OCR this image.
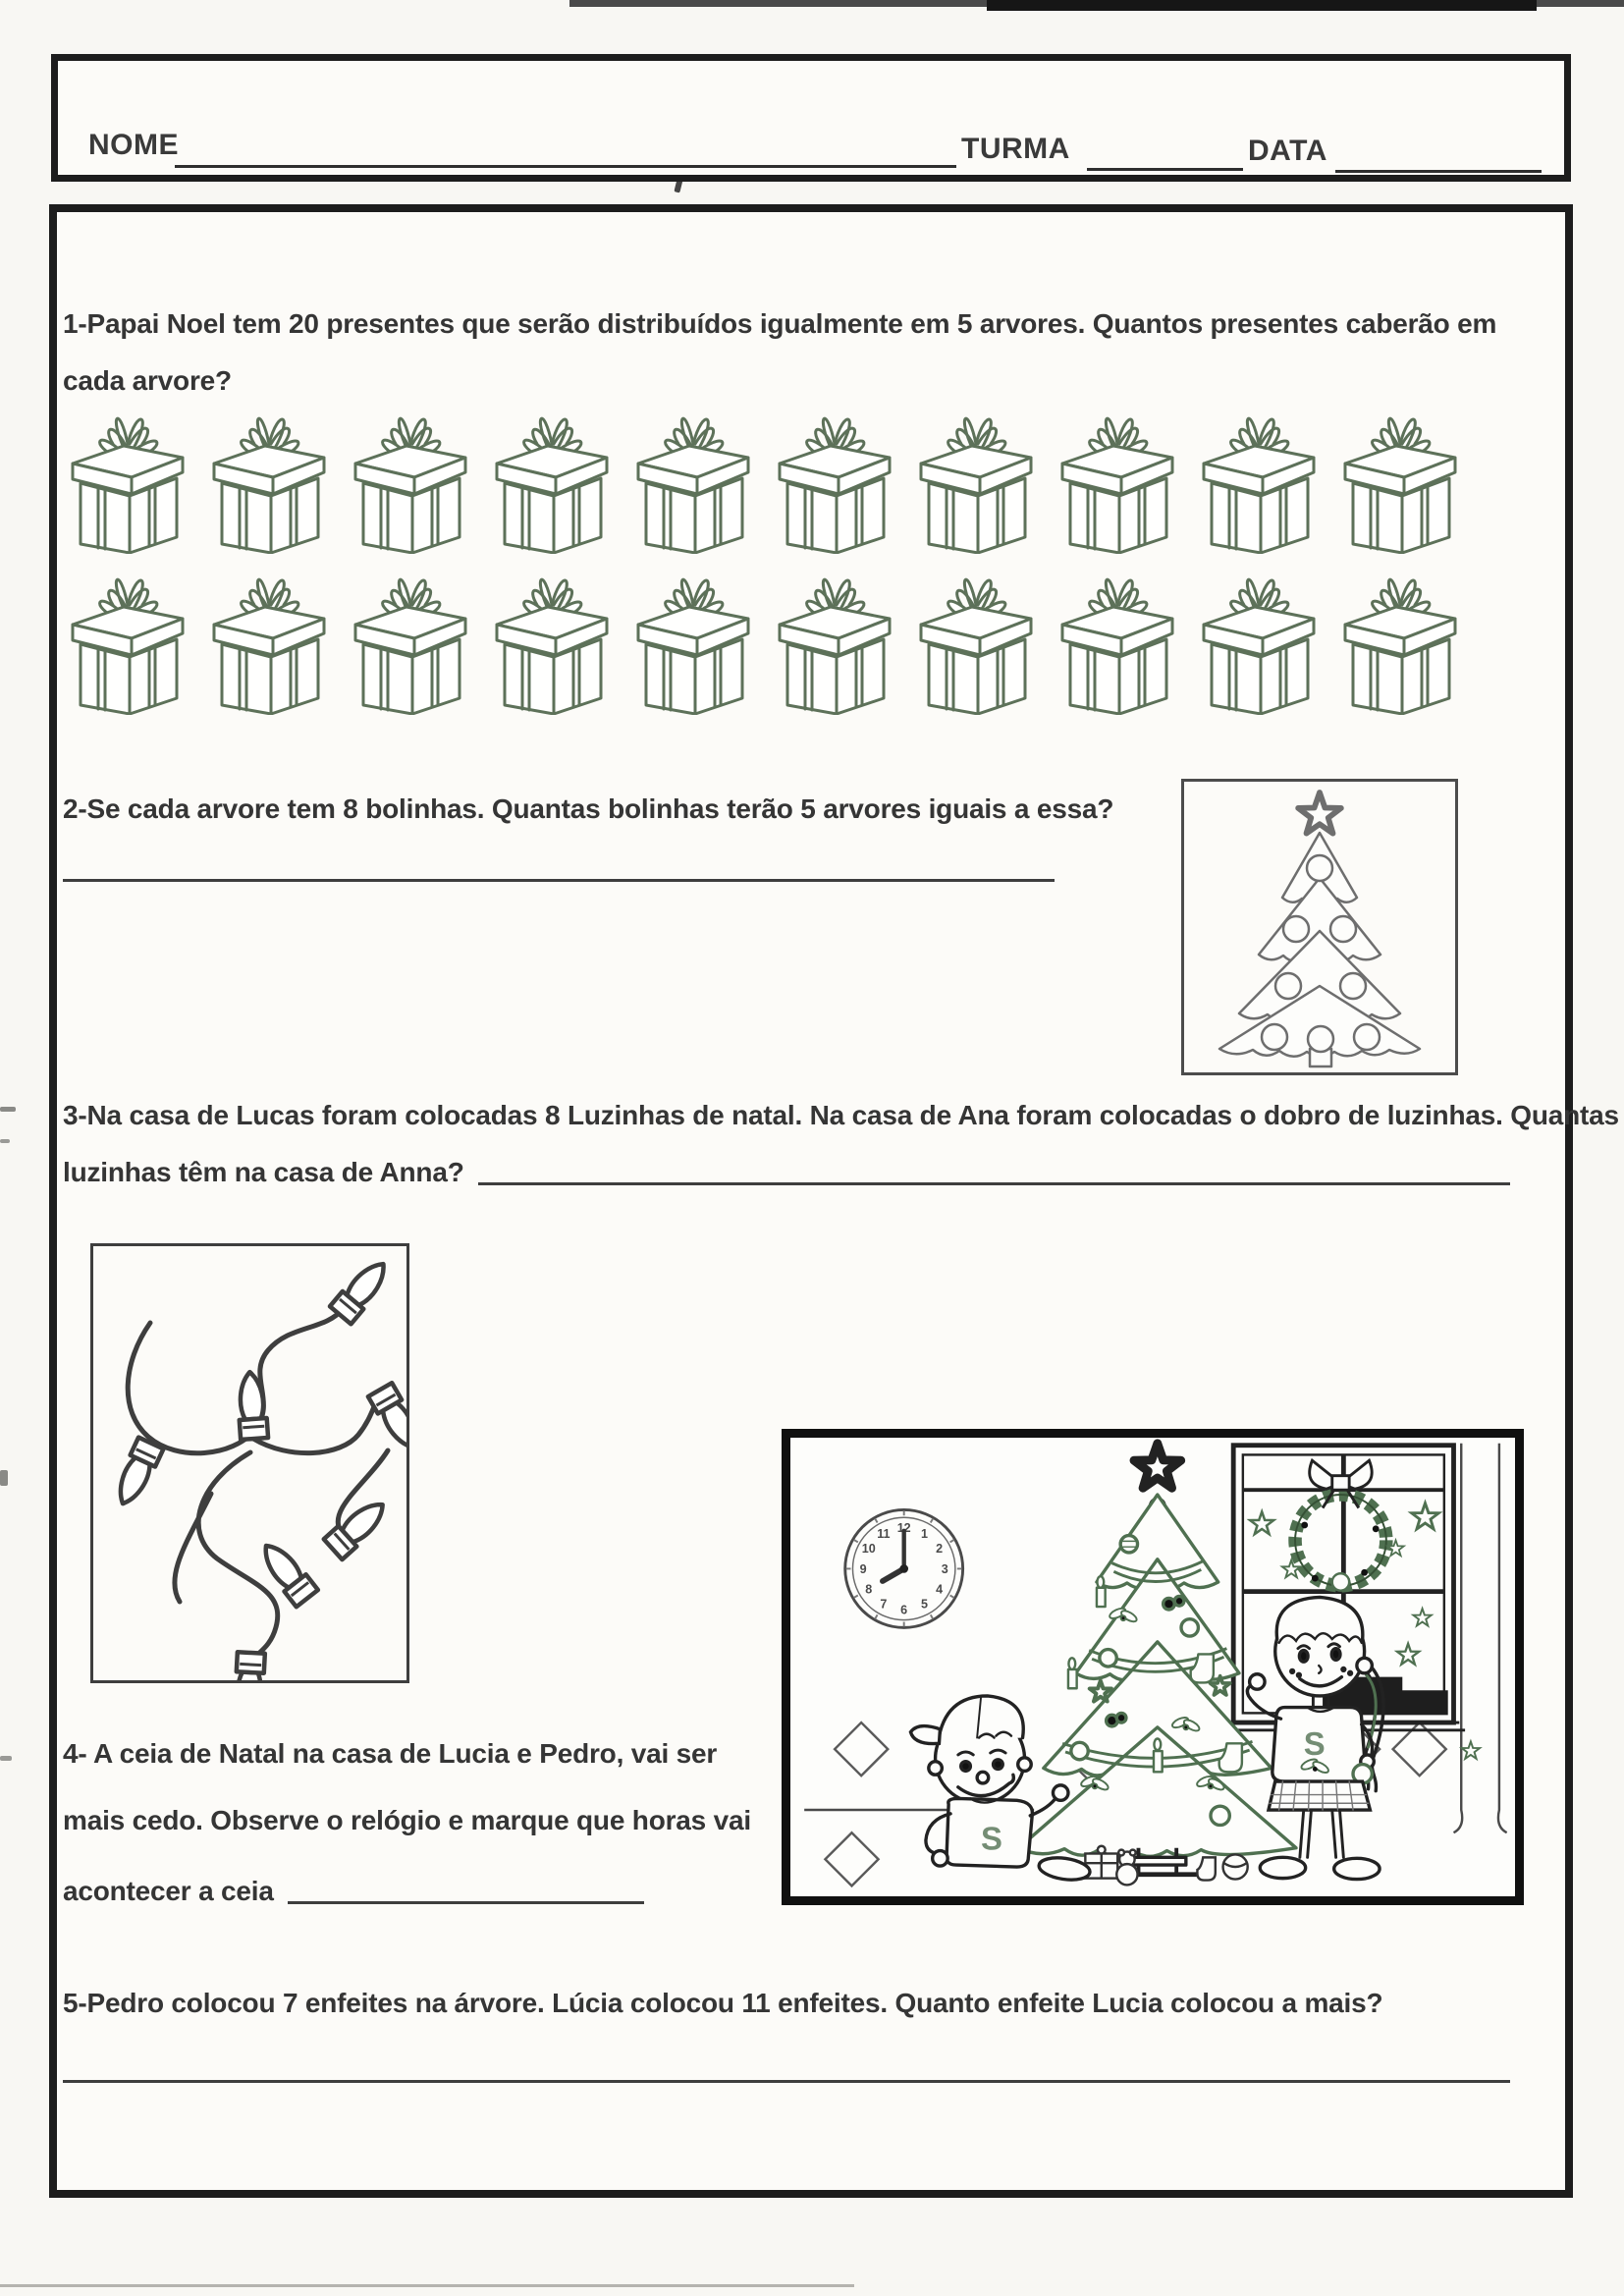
NOME	TURMA	DATA
1-Papai Noel tem 20 presentes que serão distribuídos igualmente em 5 arvores. Quantos presentes caberão em
cada arvore?
2-Se cada arvore tem 8 bolinhas. Quantas bolinhas terão 5 arvores iguais a essa?
3-Na casa de Lucas foram colocadas 8 Luzinhas de natal. Na casa de Ana foram colocadas o dobro de luzinhas. Quantas
luzinhas têm na casa de Anna?
4- A ceia de Natal na casa de Lucia e Pedro, vai ser
mais cedo. Observe o relógio e marque que horas vai
acontecer a ceia
1
2
3
4
5
6
7
8
9
10
11 12
S
S
5-Pedro colocou 7 enfeites na árvore. Lúcia colocou 11 enfeites. Quanto enfeite Lucia colocou a mais?
